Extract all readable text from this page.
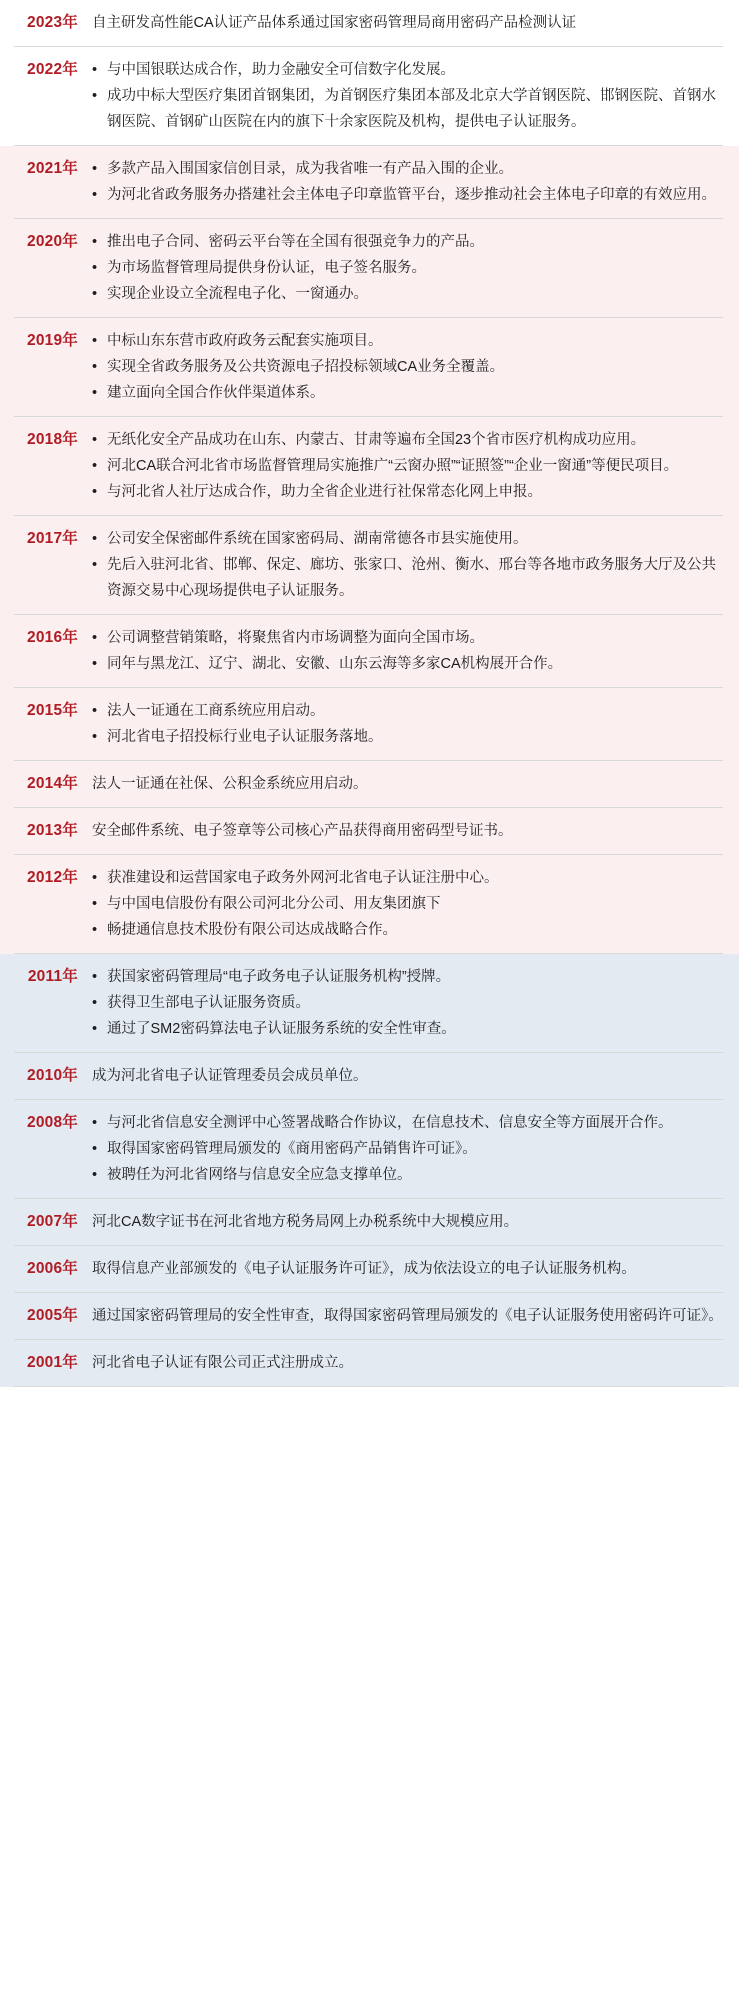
2023年 自主研发高性能CA认证产品体系通过国家密码管理局商用密码产品检测认证
2022年	• 与中国银联达成合作，助力金融安全可信数字化发展。
• 成功中标大型医疗集团首钢集团，为首钢医疗集团本部及北京大学首钢医院、邯钢医院、首钢水钢医院、首钢矿山医院在内的旗下十余家医院及机构，提供电子认证服务。
2021年	• 多款产品入围国家信创目录，成为我省唯一有产品入围的企业。
• 为河北省政务服务办搭建社会主体电子印章监管平台，逐步推动社会主体电子印章的有效应用。
2020年	• 推出电子合同、密码云平台等在全国有很强竞争力的产品。
• 为市场监督管理局提供身份认证，电子签名服务。
• 实现企业设立全流程电子化、一窗通办。
2019年	• 中标山东东营市政府政务云配套实施项目。
• 实现全省政务服务及公共资源电子招投标领域CA业务全覆盖。
• 建立面向全国合作伙伴渠道体系。
2018年	• 无纸化安全产品成功在山东、内蒙古、甘肃等遍布全国23个省市医疗机构成功应用。
• 河北CA联合河北省市场监督管理局实施推广“云窗办照”“证照签”“企业一窗通”等便民项目。
• 与河北省人社厅达成合作，助力全省企业进行社保常态化网上申报。
2017年	• 公司安全保密邮件系统在国家密码局、湖南常德各市县实施使用。
• 先后入驻河北省、邯郸、保定、廊坊、张家口、沧州、衡水、邢台等各地市政务服务大厅及公共资源交易中心现场提供电子认证服务。
2016年	• 公司调整营销策略，将聚焦省内市场调整为面向全国市场。
• 同年与黑龙江、辽宁、湖北、安徽、山东云海等多家CA机构展开合作。
2015年	• 法人一证通在工商系统应用启动。
• 河北省电子招投标行业电子认证服务落地。
2014年 法人一证通在社保、公积金系统应用启动。
2013年 安全邮件系统、电子签章等公司核心产品获得商用密码型号证书。
2012年	• 获准建设和运营国家电子政务外网河北省电子认证注册中心。
• 与中国电信股份有限公司河北分公司、用友集团旗下
• 畅捷通信息技术股份有限公司达成战略合作。
2011年	• 获国家密码管理局“电子政务电子认证服务机构”授牌。
• 获得卫生部电子认证服务资质。
• 通过了SM2密码算法电子认证服务系统的安全性审查。
2010年 成为河北省电子认证管理委员会成员单位。
2008年	• 与河北省信息安全测评中心签署战略合作协议，在信息技术、信息安全等方面展开合作。
• 取得国家密码管理局颁发的《商用密码产品销售许可证》。
• 被聘任为河北省网络与信息安全应急支撑单位。
2007年 河北CA数字证书在河北省地方税务局网上办税系统中大规模应用。
2006年 取得信息产业部颁发的《电子认证服务许可证》，成为依法设立的电子认证服务机构。
2005年 通过国家密码管理局的安全性审查，取得国家密码管理局颁发的《电子认证服务使用密码许可证》。
2001年 河北省电子认证有限公司正式注册成立。
